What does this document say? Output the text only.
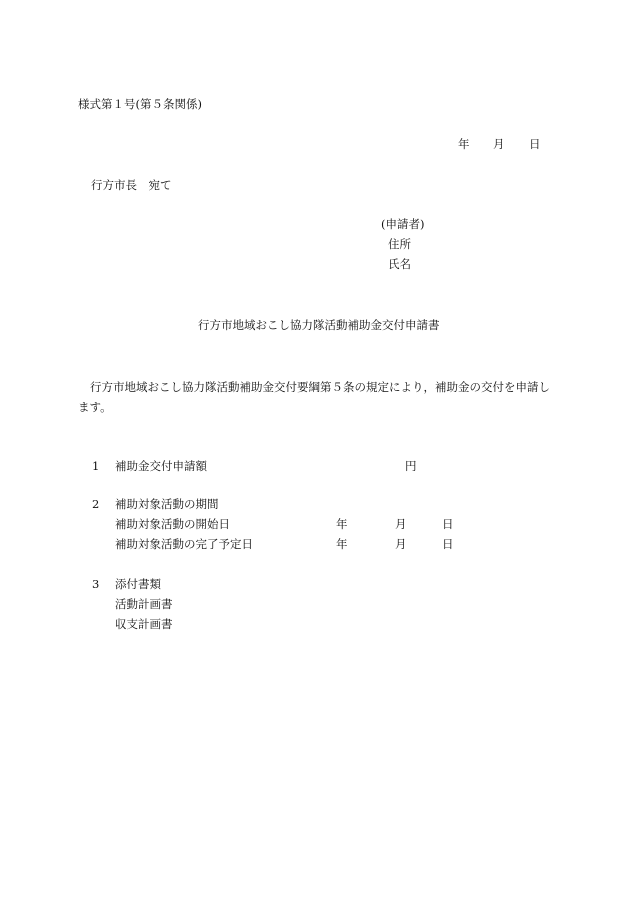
様式第１号(第５条関係)
年 月 日
行方市長　宛て
(申請者)
住所
氏名
行方市地域おこし協力隊活動補助金交付申請書
行方市地域おこし協力隊活動補助金交付要綱第５条の規定により，補助金の交付を申請します。
1 補助金交付申請額	円
2 補助対象活動の期間
補助対象活動の開始日	年	月	日
補助対象活動の完了予定日	年	月	日
3 添付書類
活動計画書
収支計画書
